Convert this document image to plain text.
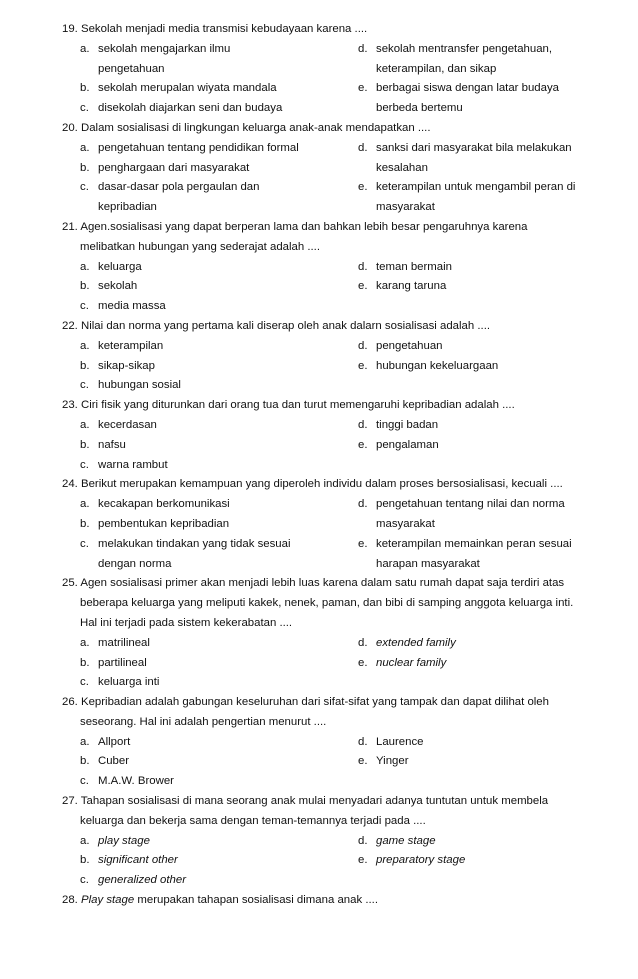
19. Sekolah menjadi media transmisi kebudayaan karena ....
a. sekolah mengajarkan ilmu	d. sekolah mentransfer pengetahuan,
pengetahuan	keterampilan, dan sikap
b. sekolah merupalan wiyata mandala	e. berbagai siswa dengan latar budaya
c. disekolah diajarkan seni dan budaya	berbeda bertemu
20. Dalam sosialisasi di lingkungan keluarga anak-anak mendapatkan ....
a. pengetahuan tentang pendidikan formal	d. sanksi dari masyarakat bila melakukan
b. penghargaan dari masyarakat	kesalahan
c. dasar-dasar pola pergaulan dan	e. keterampilan untuk mengambil peran di
kepribadian	masyarakat
21. Agen.sosialisasi yang dapat berperan lama dan bahkan lebih besar pengaruhnya karena
melibatkan hubungan yang sederajat adalah ....
a. keluarga	d. teman bermain
b. sekolah	e. karang taruna
c. media massa
22. Nilai dan norma yang pertama kali diserap oleh anak dalarn sosialisasi adalah ....
a. keterampilan	d. pengetahuan
b. sikap-sikap	e. hubungan kekeluargaan
c. hubungan sosial
23. Ciri fisik yang diturunkan dari orang tua dan turut memengaruhi kepribadian adalah ....
a. kecerdasan	d. tinggi badan
b. nafsu	e. pengalaman
c. warna rambut
24. Berikut merupakan kemampuan yang diperoleh individu dalam proses bersosialisasi, kecuali ....
a. kecakapan berkomunikasi	d. pengetahuan tentang nilai dan norma
b. pembentukan kepribadian	masyarakat
c. melakukan tindakan yang tidak sesuai	e. keterampilan memainkan peran sesuai
dengan norma	harapan masyarakat
25. Agen sosialisasi primer akan menjadi lebih luas karena dalam satu rumah dapat saja terdiri atas
beberapa keluarga yang meliputi kakek, nenek, paman, dan bibi di samping anggota keluarga inti.
Hal ini terjadi pada sistem kekerabatan ....
a. matrilineal	d. extended family
b. partilineal	e. nuclear family
c. keluarga inti
26. Kepribadian adalah gabungan keseluruhan dari sifat-sifat yang tampak dan dapat dilihat oleh
seseorang. Hal ini adalah pengertian menurut ....
a. Allport	d. Laurence
b. Cuber	e. Yinger
c. M.A.W. Brower
27. Tahapan sosialisasi di mana seorang anak mulai menyadari adanya tuntutan untuk membela
keluarga dan bekerja sama dengan teman-temannya terjadi pada ....
a. play stage	d. game stage
b. significant other	e. preparatory stage
c. generalized other
28. Play stage merupakan tahapan sosialisasi dimana anak ....
